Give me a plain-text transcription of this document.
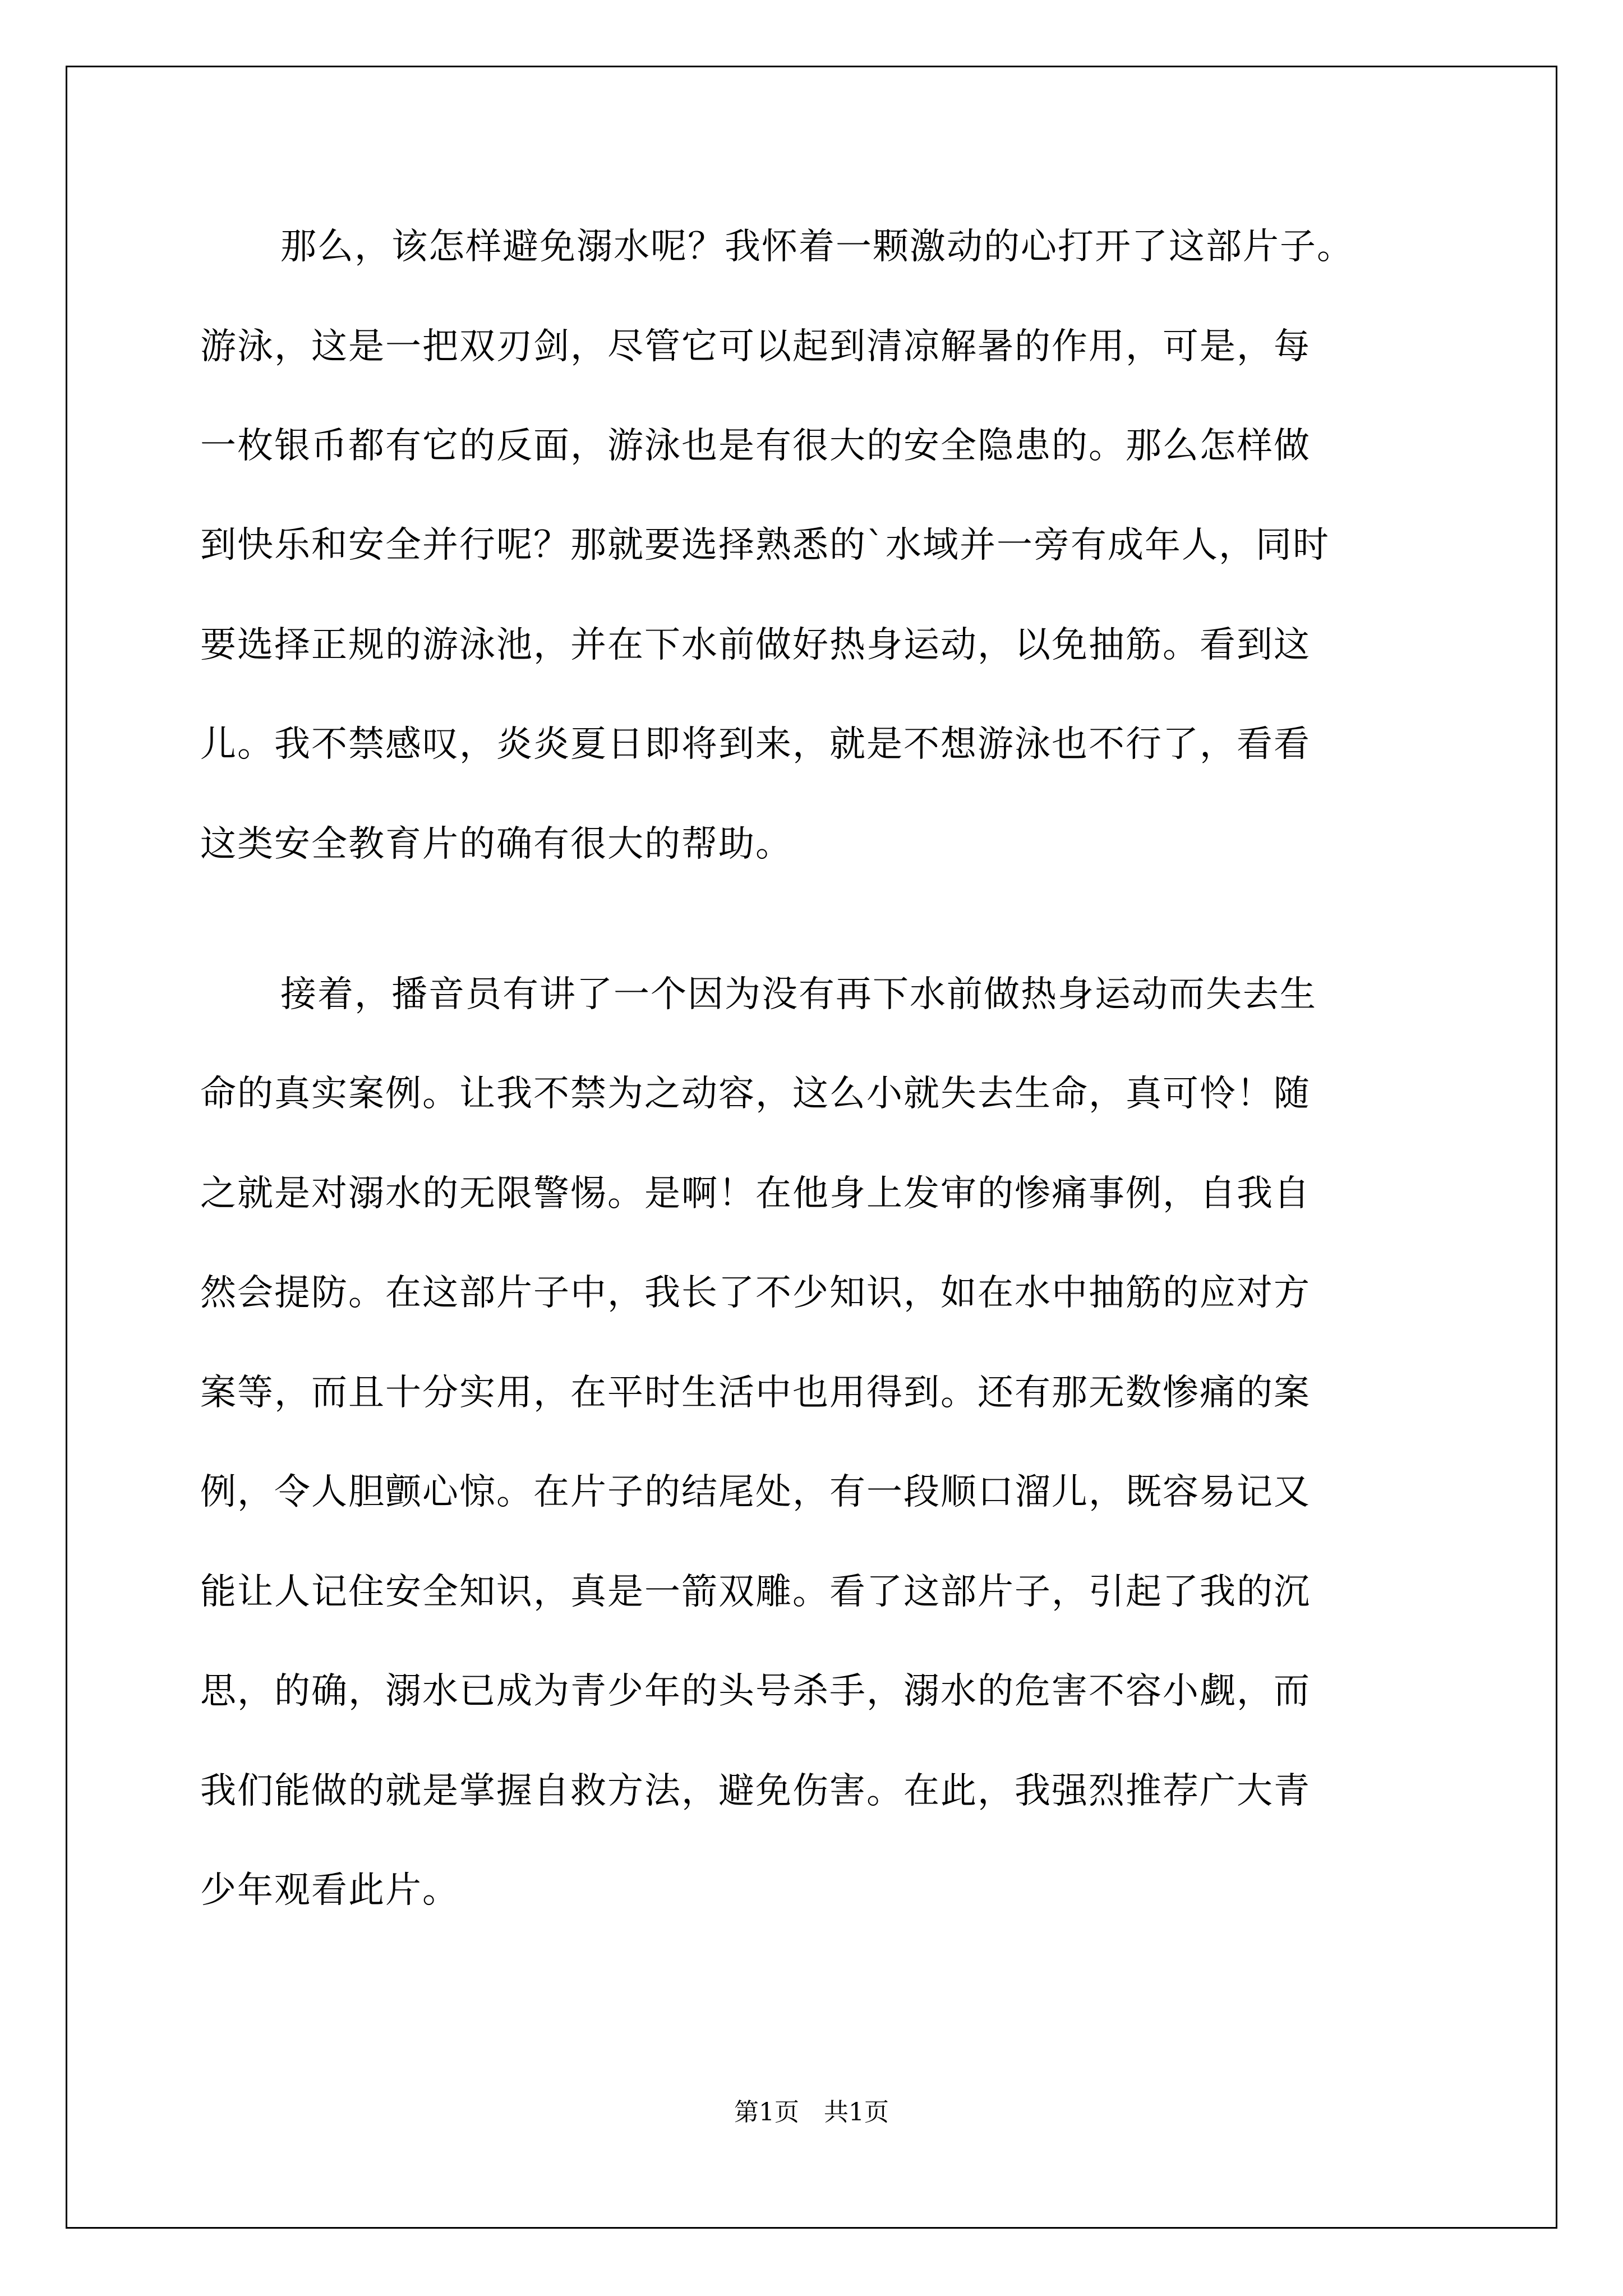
那么，该怎样避免溺水呢？我怀着一颗激动的心打开了这部片子。
游泳，这是一把双刃剑，尽管它可以起到清凉解暑的作用，可是，每
一枚银币都有它的反面，游泳也是有很大的安全隐患的。那么怎样做
到快乐和安全并行呢？那就要选择熟悉的`水域并一旁有成年人，同时
要选择正规的游泳池，并在下水前做好热身运动，以免抽筋。看到这
儿。我不禁感叹，炎炎夏日即将到来，就是不想游泳也不行了，看看
这类安全教育片的确有很大的帮助。
接着，播音员有讲了一个因为没有再下水前做热身运动而失去生
命的真实案例。让我不禁为之动容，这么小就失去生命，真可怜！随
之就是对溺水的无限警惕。是啊！在他身上发审的惨痛事例，自我自
然会提防。在这部片子中，我长了不少知识，如在水中抽筋的应对方
案等，而且十分实用，在平时生活中也用得到。还有那无数惨痛的案
例，令人胆颤心惊。在片子的结尾处，有一段顺口溜儿，既容易记又
能让人记住安全知识，真是一箭双雕。看了这部片子，引起了我的沉
思，的确，溺水已成为青少年的头号杀手，溺水的危害不容小觑，而
我们能做的就是掌握自救方法，避免伤害。在此，我强烈推荐广大青
少年观看此片。
第1页　共1页
